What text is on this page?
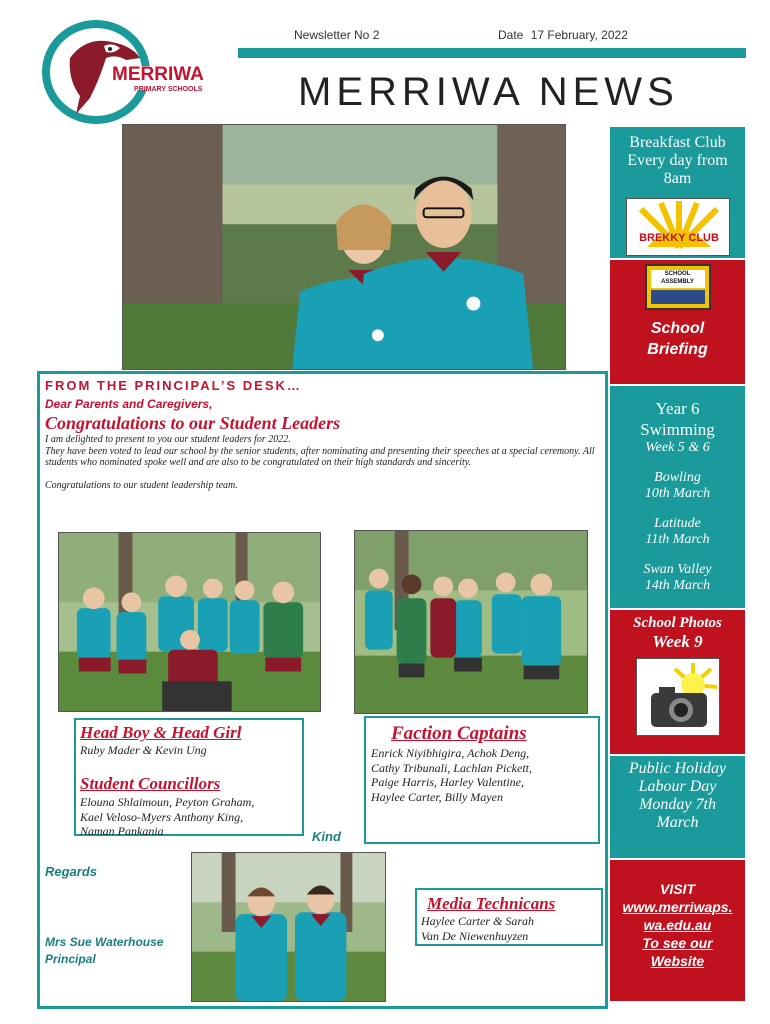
MERRIWA
PRIMARY SCHOOLS
Newsletter No 2	Date 17 February, 2022
MERRIWA NEWS
FROM THE PRINCIPAL’S DESK…
Dear Parents and Caregivers,
Congratulations to our Student Leaders

I am delighted to present to you our student leaders for 2022.

They have been voted to lead our school by the senior students, after nominating and presenting their speeches at a special ceremony. All students who nominated spoke well and are also to be congratulated on their high standards and sincerity.

Congratulations to our student leadership team.

Head Boy & Head Girl
Ruby Mader & Kevin Ung
Student Councillors
Elouna Shlaimoun, Peyton Graham,
Kael Veloso-Myers Anthony King,
Naman Pankania	Kind
Faction Captains
Enrick Niyibhigira, Achok Deng,
Cathy Tribunali, Lachlan Pickett,
Paige Harris, Harley Valentine,
Haylee Carter, Billy Mayen
Regards
Mrs Sue Waterhouse
Principal
Media Technicans
Haylee Carter & Sarah
Van De Niewenhuyzen
Breakfast Club
Every day from
8am
BREKKY CLUB
SCHOOL
ASSEMBLY
School
Briefing
Year 6
Swimming
Week 5 & 6
Bowling
10th March
Latitude
11th March
Swan Valley
14th March
School Photos
Week 9
Public Holiday
Labour Day
Monday 7th
March
VISIT
www.merriwaps.
wa.edu.au
To see our
Website
